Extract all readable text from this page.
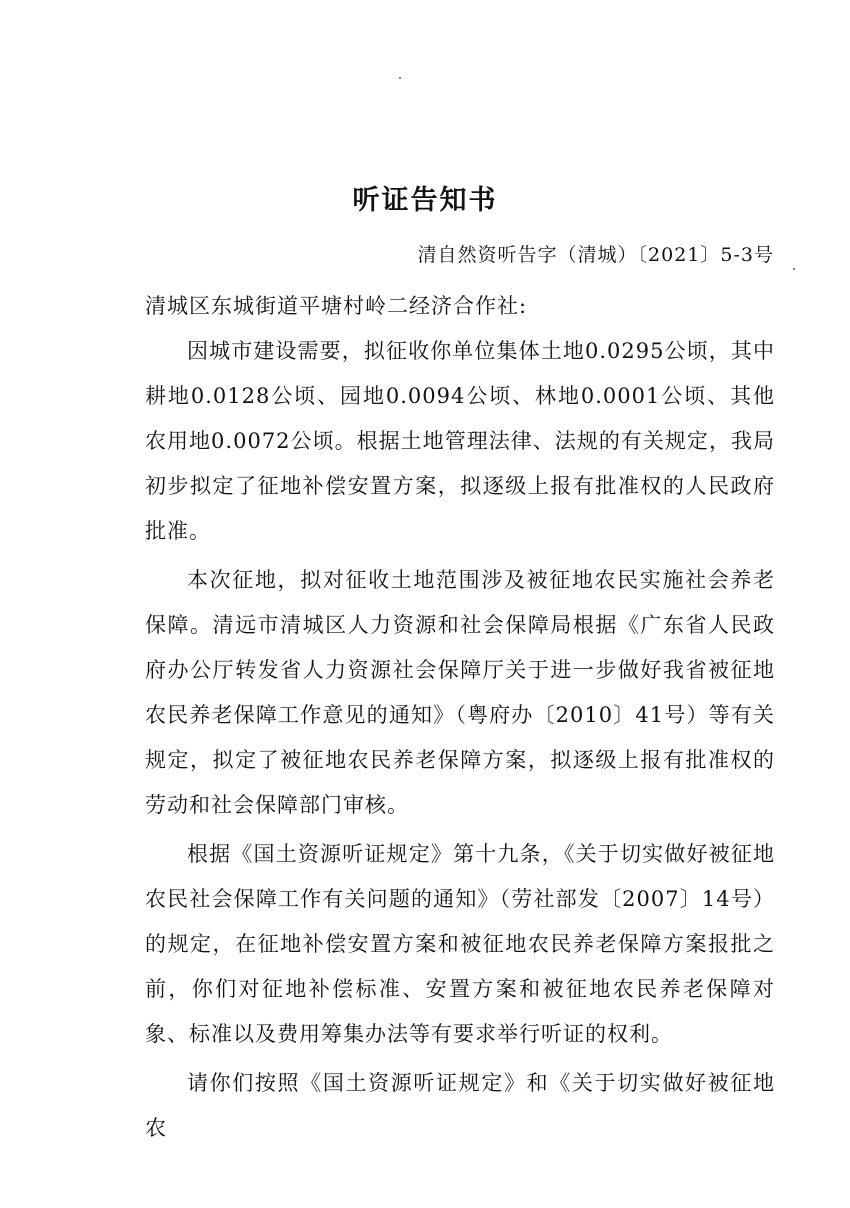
听证告知书
清自然资听告字（清城）〔2021〕5-3号
清城区东城街道平塘村岭二经济合作社:

因城市建设需要，拟征收你单位集体土地0.0295公顷，其中耕地0.0128公顷、园地0.0094公顷、林地0.0001公顷、其他农用地0.0072公顷。根据土地管理法律、法规的有关规定，我局初步拟定了征地补偿安置方案，拟逐级上报有批准权的人民政府批准。

本次征地，拟对征收土地范围涉及被征地农民实施社会养老保障。清远市清城区人力资源和社会保障局根据《广东省人民政府办公厅转发省人力资源社会保障厅关于进一步做好我省被征地农民养老保障工作意见的通知》（粤府办〔2010〕41号）等有关规定，拟定了被征地农民养老保障方案，拟逐级上报有批准权的劳动和社会保障部门审核。

根据《国土资源听证规定》第十九条，《关于切实做好被征地农民社会保障工作有关问题的通知》（劳社部发〔2007〕14号）的规定，在征地补偿安置方案和被征地农民养老保障方案报批之前，你们对征地补偿标准、安置方案和被征地农民养老保障对象、标准以及费用筹集办法等有要求举行听证的权利。

请你们按照《国土资源听证规定》和《关于切实做好被征地农
